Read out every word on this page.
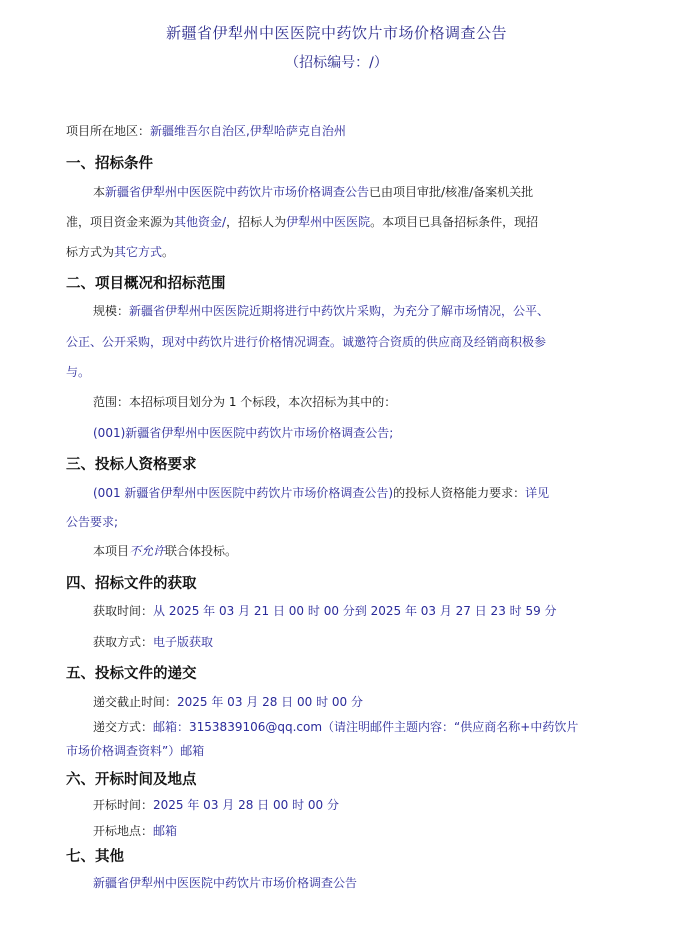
新疆省伊犁州中医医院中药饮片市场价格调查公告
（招标编号：/）
项目所在地区：新疆维吾尔自治区,伊犁哈萨克自治州
一、招标条件
本新疆省伊犁州中医医院中药饮片市场价格调查公告已由项目审批/核准/备案机关批
准，项目资金来源为其他资金/，招标人为伊犁州中医医院。本项目已具备招标条件，现招
标方式为其它方式。
二、项目概况和招标范围
规模：新疆省伊犁州中医医院近期将进行中药饮片采购，为充分了解市场情况，公平、
公正、公开采购，现对中药饮片进行价格情况调查。诚邀符合资质的供应商及经销商积极参
与。
范围：本招标项目划分为 1 个标段，本次招标为其中的：
(001)新疆省伊犁州中医医院中药饮片市场价格调查公告;
三、投标人资格要求
(001 新疆省伊犁州中医医院中药饮片市场价格调查公告)的投标人资格能力要求：详见
公告要求;
本项目不允许联合体投标。
四、招标文件的获取
获取时间：从 2025 年 03 月 21 日 00 时 00 分到 2025 年 03 月 27 日 23 时 59 分
获取方式：电子版获取
五、投标文件的递交
递交截止时间：2025 年 03 月 28 日 00 时 00 分
递交方式：邮箱：3153839106@qq.com（请注明邮件主题内容：“供应商名称+中药饮片
市场价格调查资料”）邮箱
六、开标时间及地点
开标时间：2025 年 03 月 28 日 00 时 00 分
开标地点：邮箱
七、其他
新疆省伊犁州中医医院中药饮片市场价格调查公告
